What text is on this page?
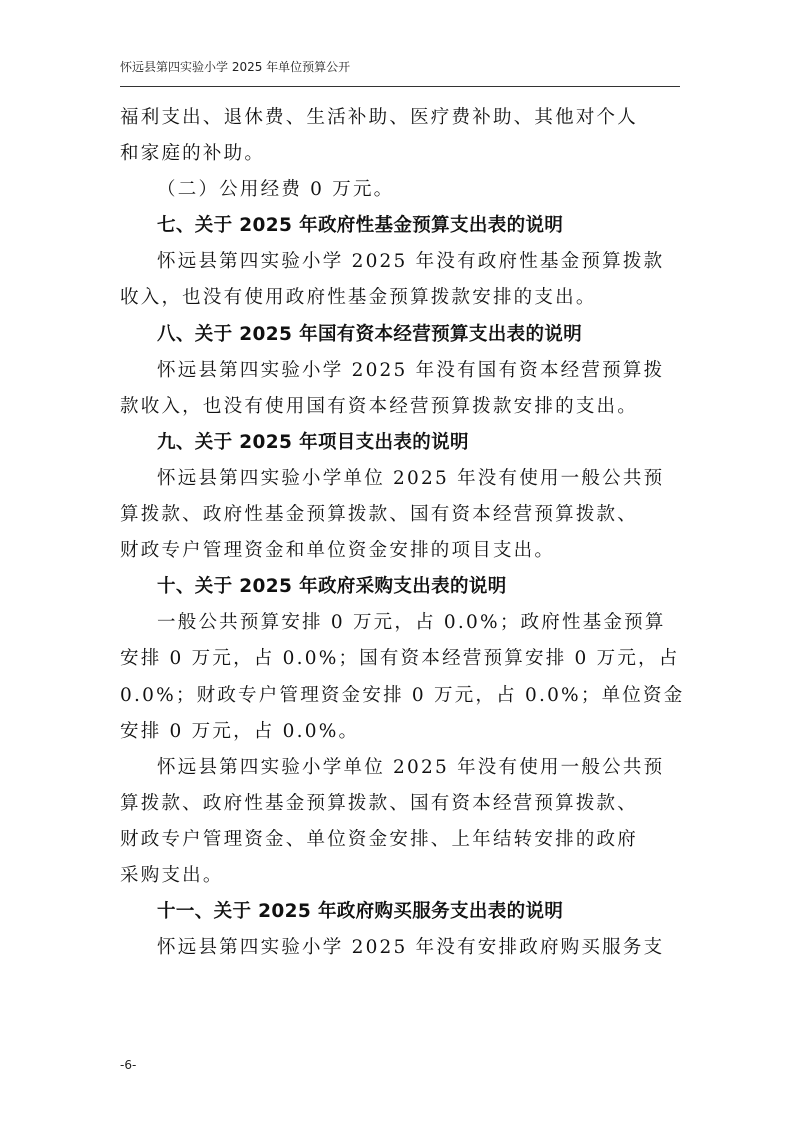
怀远县第四实验小学 2025 年单位预算公开

福利支出、退休费、生活补助、医疗费补助、其他对个人
和家庭的补助。

（二）公用经费 0 万元。

七、关于 2025 年政府性基金预算支出表的说明

怀远县第四实验小学 2025 年没有政府性基金预算拨款
收入，也没有使用政府性基金预算拨款安排的支出。

八、关于 2025 年国有资本经营预算支出表的说明

怀远县第四实验小学 2025 年没有国有资本经营预算拨
款收入，也没有使用国有资本经营预算拨款安排的支出。

九、关于 2025 年项目支出表的说明

怀远县第四实验小学单位 2025 年没有使用一般公共预
算拨款、政府性基金预算拨款、国有资本经营预算拨款、
财政专户管理资金和单位资金安排的项目支出。

十、关于 2025 年政府采购支出表的说明

一般公共预算安排 0 万元，占 0.0%；政府性基金预算
安排 0 万元，占 0.0%；国有资本经营预算安排 0 万元，占
0.0%；财政专户管理资金安排 0 万元，占 0.0%；单位资金
安排 0 万元，占 0.0%。

怀远县第四实验小学单位 2025 年没有使用一般公共预
算拨款、政府性基金预算拨款、国有资本经营预算拨款、
财政专户管理资金、单位资金安排、上年结转安排的政府
采购支出。

十一、关于 2025 年政府购买服务支出表的说明

怀远县第四实验小学 2025 年没有安排政府购买服务支

-6-
